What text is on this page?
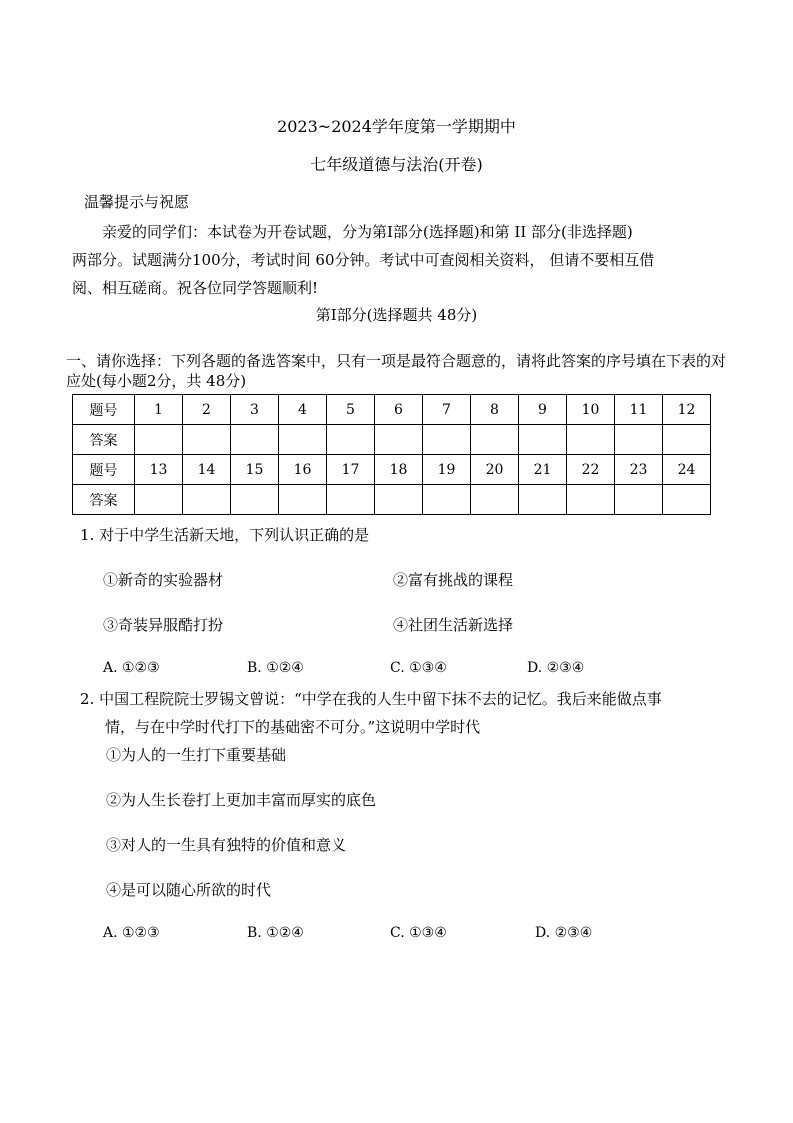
2023~2024学年度第一学期期中
七年级道德与法治(开卷)
温馨提示与祝愿
亲爱的同学们：本试卷为开卷试题，分为第Ⅰ部分(选择题)和第 II 部分(非选择题)
两部分。试题满分100分，考试时间 60分钟。考试中可查阅相关资料， 但请不要相互借
阅、相互磋商。祝各位同学答题顺利!
第Ⅰ部分(选择题共 48分)
一、请你选择：下列各题的备选答案中，只有一项是最符合题意的，请将此答案的序号填在下表的对应处(每小题2分，共 48分)
题号	1	2	3	4	5	6	7	8	9	10	11	12
答案												
题号	13	14	15	16	17	18	19	20	21	22	23	24
答案												
1. 对于中学生活新天地，下列认识正确的是
①新奇的实验器材	②富有挑战的课程
③奇装异服酷打扮	④社团生活新选择
A. ①②③	B. ①②④	C. ①③④	D. ②③④
2. 中国工程院院士罗锡文曾说：“中学在我的人生中留下抹不去的记忆。我后来能做点事
情，与在中学时代打下的基础密不可分。”这说明中学时代
①为人的一生打下重要基础
②为人生长卷打上更加丰富而厚实的底色
③对人的一生具有独特的价值和意义
④是可以随心所欲的时代
A. ①②③	B. ①②④	C. ①③④	D. ②③④
